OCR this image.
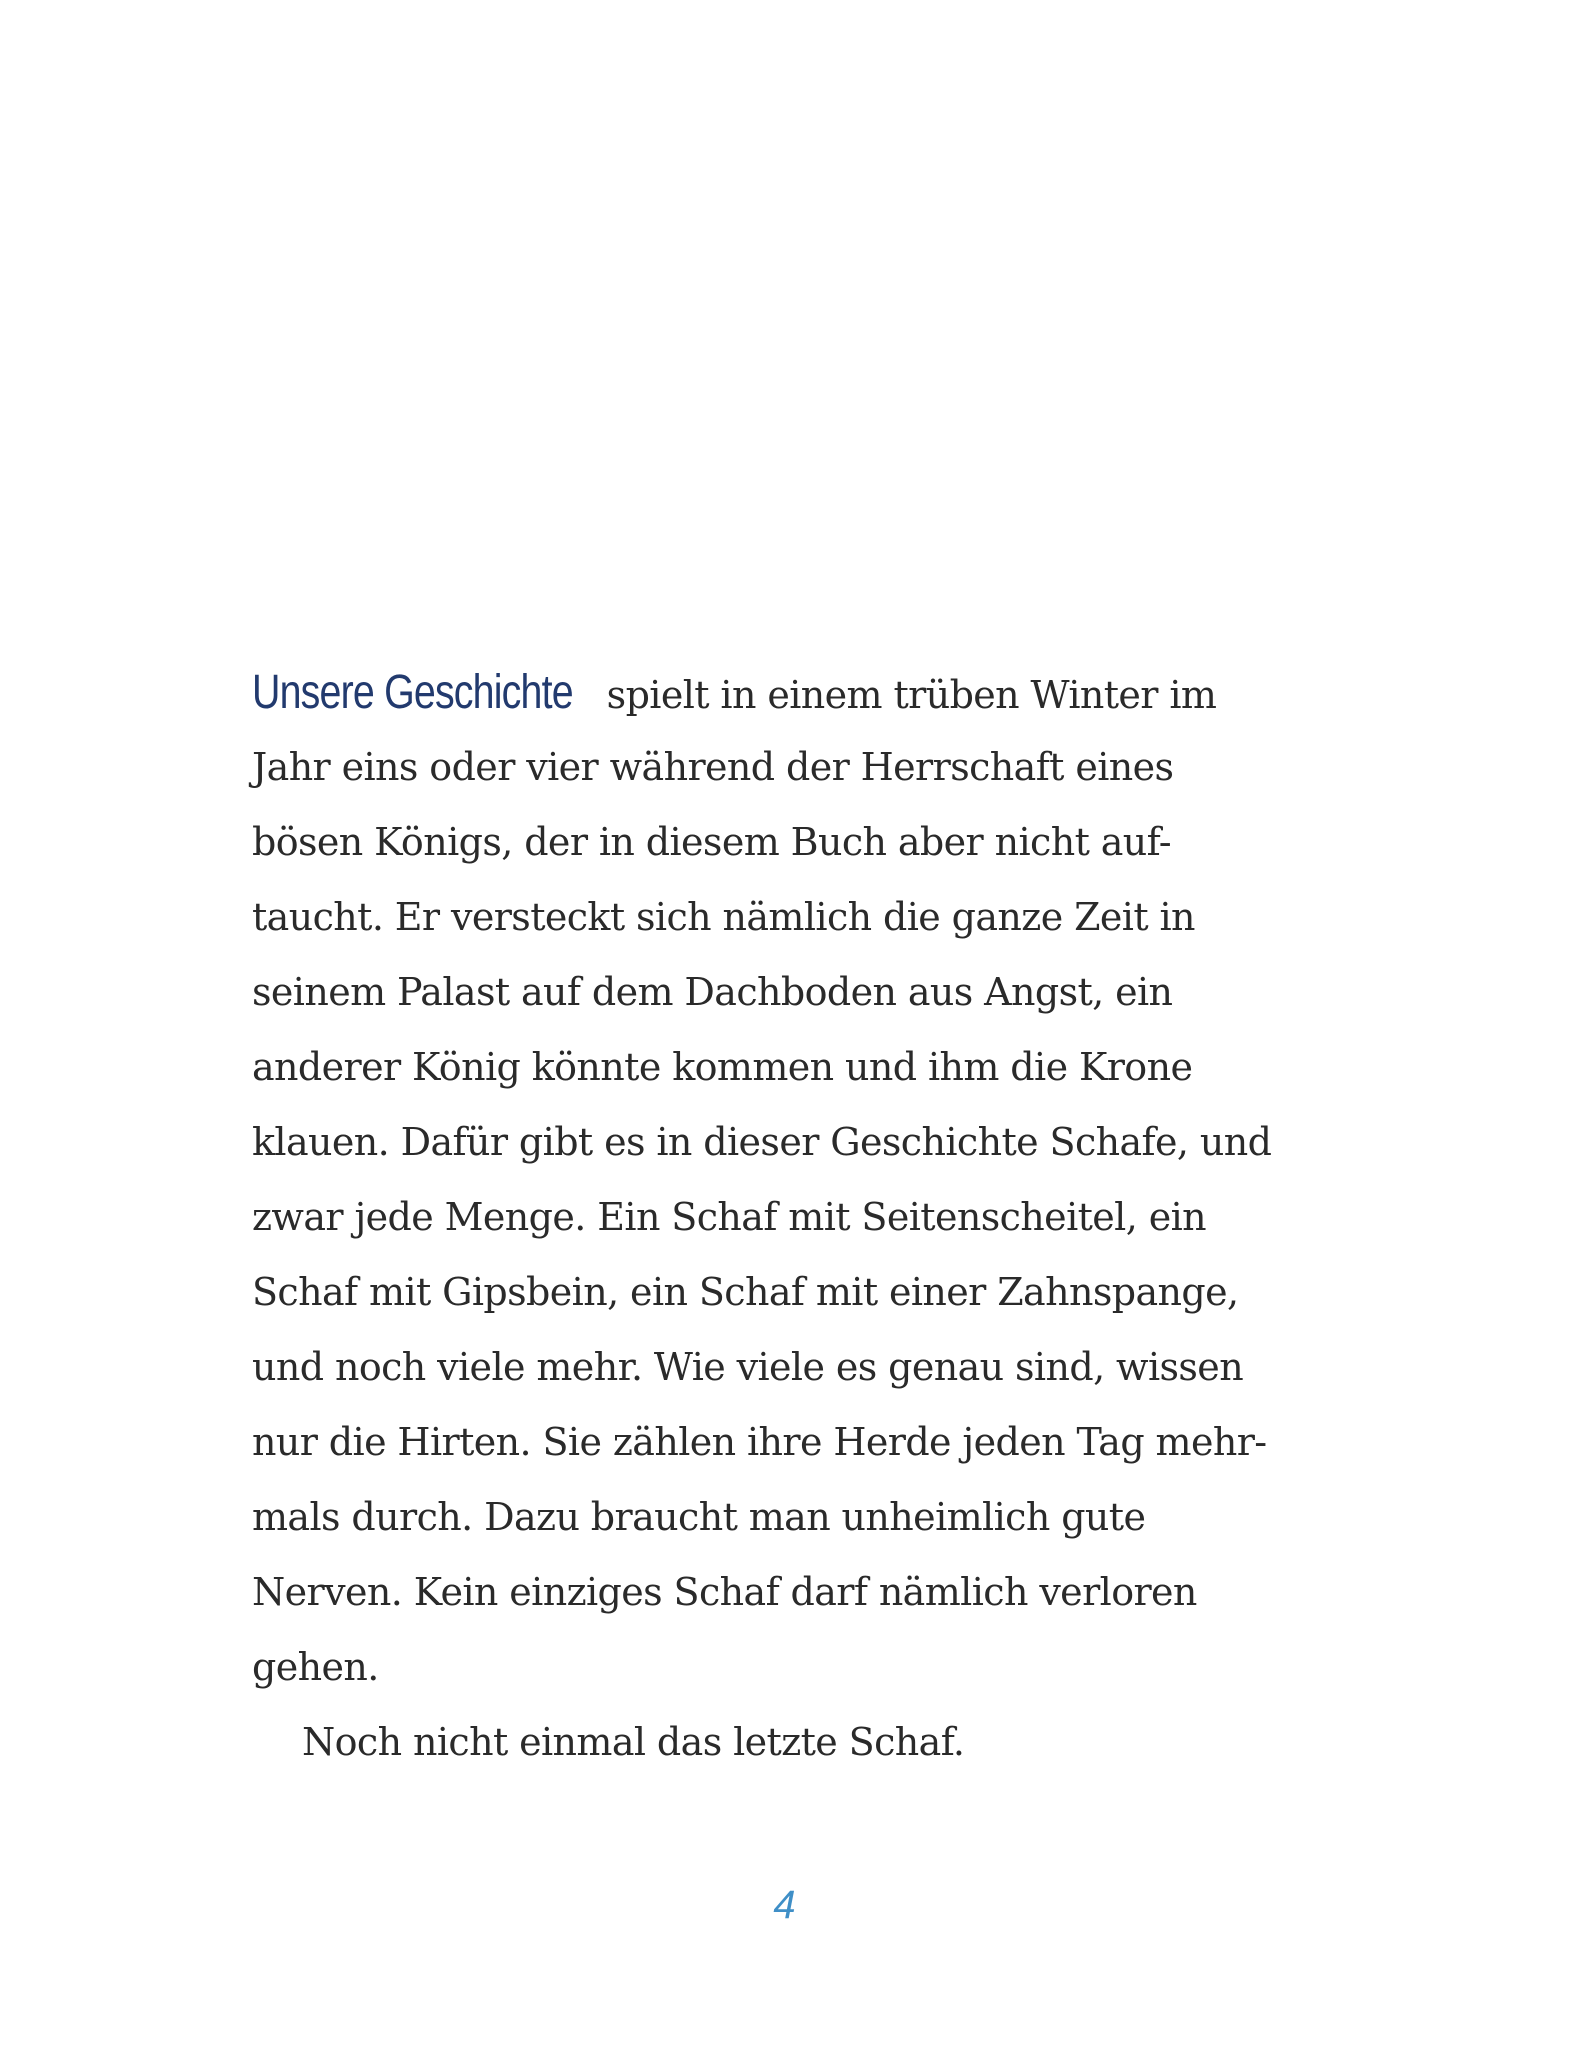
Unsere Geschichte spielt in einem trüben Winter im
Jahr eins oder vier während der Herrschaft eines
bösen Königs, der in diesem Buch aber nicht auf-
taucht. Er versteckt sich nämlich die ganze Zeit in
seinem Palast auf dem Dachboden aus Angst, ein
anderer König könnte kommen und ihm die Krone
klauen. Dafür gibt es in dieser Geschichte Schafe, und
zwar jede Menge. Ein Schaf mit Seitenscheitel, ein
Schaf mit Gipsbein, ein Schaf mit einer Zahnspange,
und noch viele mehr. Wie viele es genau sind, wissen
nur die Hirten. Sie zählen ihre Herde jeden Tag mehr-
mals durch. Dazu braucht man unheimlich gute
Nerven. Kein einziges Schaf darf nämlich verloren
gehen.
Noch nicht einmal das letzte Schaf.
4
